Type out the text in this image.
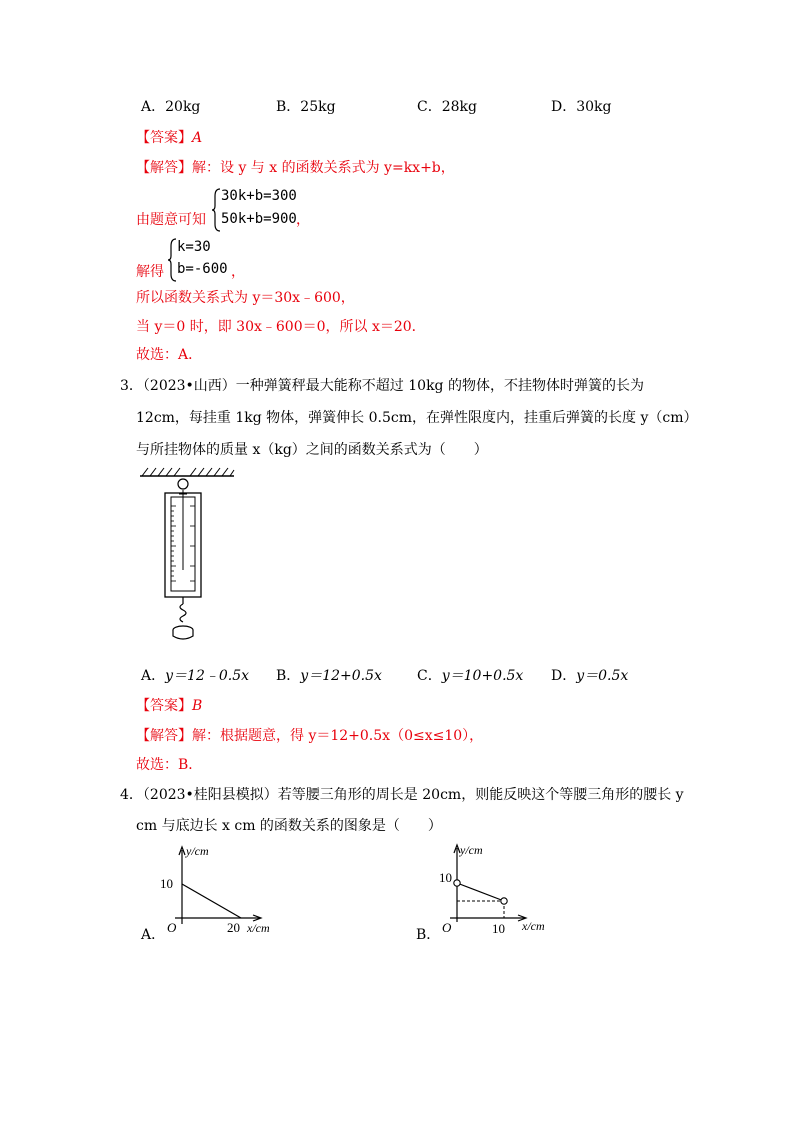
A．20kg	B．25kg	C．28kg	D．30kg
【答案】A
【解答】解：设 y 与 x 的函数关系式为 y=kx+b，
由题意可知
30k+b=300
50k+b=900 ，
解得
k=30
b=-600 ，
所以函数关系式为 y＝30x﹣600，
当 y＝0 时，即 30x﹣600＝0，所以 x＝20．
故选：A．
3．（2023•山西）一种弹簧秤最大能称不超过 10kg 的物体，不挂物体时弹簧的长为
12cm，每挂重 1kg 物体，弹簧伸长 0.5cm，在弹性限度内，挂重后弹簧的长度 y（cm）
与所挂物体的质量 x（kg）之间的函数关系式为（　　）
A．y＝12﹣0.5x B．y＝12+0.5x	C．y＝10+0.5x D．y＝0.5x
【答案】B
【解答】解：根据题意，得 y＝12+0.5x（0≤x≤10），
故选：B．
4．（2023•桂阳县模拟）若等腰三角形的周长是 20cm，则能反映这个等腰三角形的腰长 y
cm 与底边长 x cm 的函数关系的图象是（　　）
A．
y/cm
x/cm
O
10
20	B．
y/cm
x/cm
O
10
10
